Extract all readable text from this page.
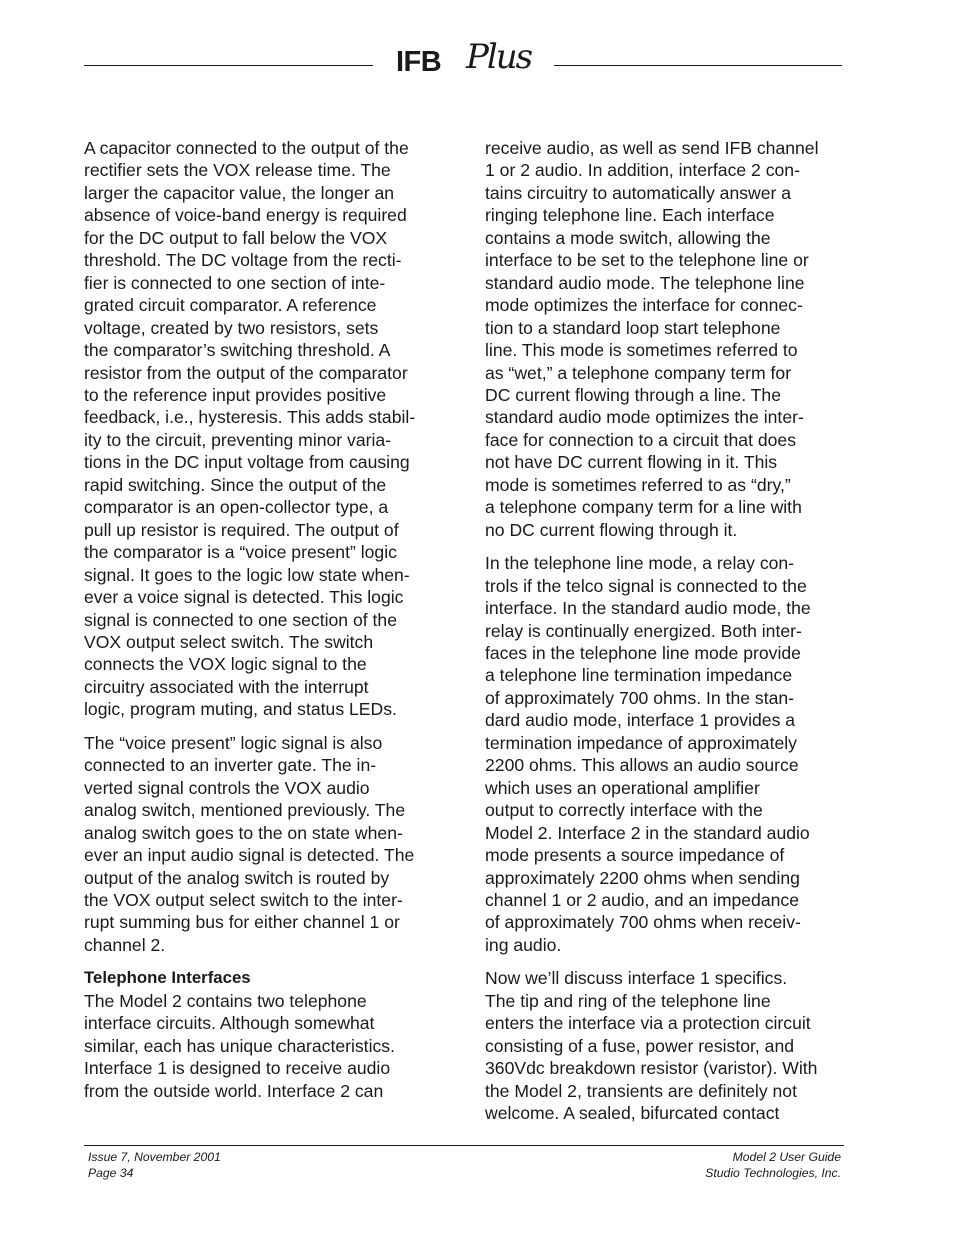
IFB Plus

A capacitor connected to the output of the
rectifier sets the VOX release time. The
larger the capacitor value, the longer an
absence of voice-band energy is required
for the DC output to fall below the VOX
threshold. The DC voltage from the recti-
fier is connected to one section of inte-
grated circuit comparator. A reference
voltage, created by two resistors, sets
the comparator’s switching threshold. A
resistor from the output of the comparator
to the reference input provides positive
feedback, i.e., hysteresis. This adds stabil-
ity to the circuit, preventing minor varia-
tions in the DC input voltage from causing
rapid switching. Since the output of the
comparator is an open-collector type, a
pull up resistor is required. The output of
the comparator is a “voice present” logic
signal. It goes to the logic low state when-
ever a voice signal is detected. This logic
signal is connected to one section of the
VOX output select switch. The switch
connects the VOX logic signal to the
circuitry associated with the interrupt
logic, program muting, and status LEDs.

The “voice present” logic signal is also
connected to an inverter gate. The in-
verted signal controls the VOX audio
analog switch, mentioned previously. The
analog switch goes to the on state when-
ever an input audio signal is detected. The
output of the analog switch is routed by
the VOX output select switch to the inter-
rupt summing bus for either channel 1 or
channel 2.

Telephone Interfaces

The Model 2 contains two telephone
interface circuits. Although somewhat
similar, each has unique characteristics.
Interface 1 is designed to receive audio
from the outside world. Interface 2 can

receive audio, as well as send IFB channel
1 or 2 audio. In addition, interface 2 con-
tains circuitry to automatically answer a
ringing telephone line. Each interface
contains a mode switch, allowing the
interface to be set to the telephone line or
standard audio mode. The telephone line
mode optimizes the interface for connec-
tion to a standard loop start telephone
line. This mode is sometimes referred to
as “wet,” a telephone company term for
DC current flowing through a line. The
standard audio mode optimizes the inter-
face for connection to a circuit that does
not have DC current flowing in it. This
mode is sometimes referred to as “dry,”
a telephone company term for a line with
no DC current flowing through it.

In the telephone line mode, a relay con-
trols if the telco signal is connected to the
interface. In the standard audio mode, the
relay is continually energized. Both inter-
faces in the telephone line mode provide
a telephone line termination impedance
of approximately 700 ohms. In the stan-
dard audio mode, interface 1 provides a
termination impedance of approximately
2200 ohms. This allows an audio source
which uses an operational amplifier
output to correctly interface with the
Model 2. Interface 2 in the standard audio
mode presents a source impedance of
approximately 2200 ohms when sending
channel 1 or 2 audio, and an impedance
of approximately 700 ohms when receiv-
ing audio.

Now we’ll discuss interface 1 specifics.
The tip and ring of the telephone line
enters the interface via a protection circuit
consisting of a fuse, power resistor, and
360Vdc breakdown resistor (varistor). With
the Model 2, transients are definitely not
welcome. A sealed, bifurcated contact

Issue 7, November 2001
Page 34
Model 2 User Guide
Studio Technologies, Inc.
